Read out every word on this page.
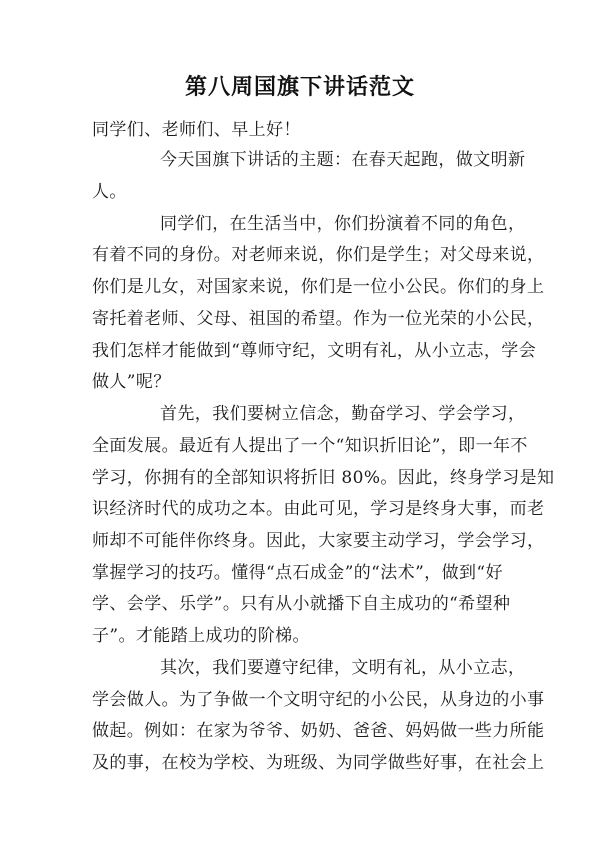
第八周国旗下讲话范文
同学们、老师们、早上好！
今天国旗下讲话的主题：在春天起跑，做文明新
人。
同学们，在生活当中，你们扮演着不同的角色，
有着不同的身份。对老师来说，你们是学生；对父母来说，
你们是儿女，对国家来说，你们是一位小公民。你们的身上
寄托着老师、父母、祖国的希望。作为一位光荣的小公民，
我们怎样才能做到“尊师守纪，文明有礼，从小立志，学会
做人”呢？
首先，我们要树立信念，勤奋学习、学会学习，
全面发展。最近有人提出了一个“知识折旧论”，即一年不
学习，你拥有的全部知识将折旧 80%。因此，终身学习是知
识经济时代的成功之本。由此可见，学习是终身大事，而老
师却不可能伴你终身。因此，大家要主动学习，学会学习，
掌握学习的技巧。懂得“点石成金”的“法术”，做到“好
学、会学、乐学”。只有从小就播下自主成功的“希望种
子”。才能踏上成功的阶梯。
其次，我们要遵守纪律，文明有礼，从小立志，
学会做人。为了争做一个文明守纪的小公民，从身边的小事
做起。例如：在家为爷爷、奶奶、爸爸、妈妈做一些力所能
及的事，在校为学校、为班级、为同学做些好事，在社会上
